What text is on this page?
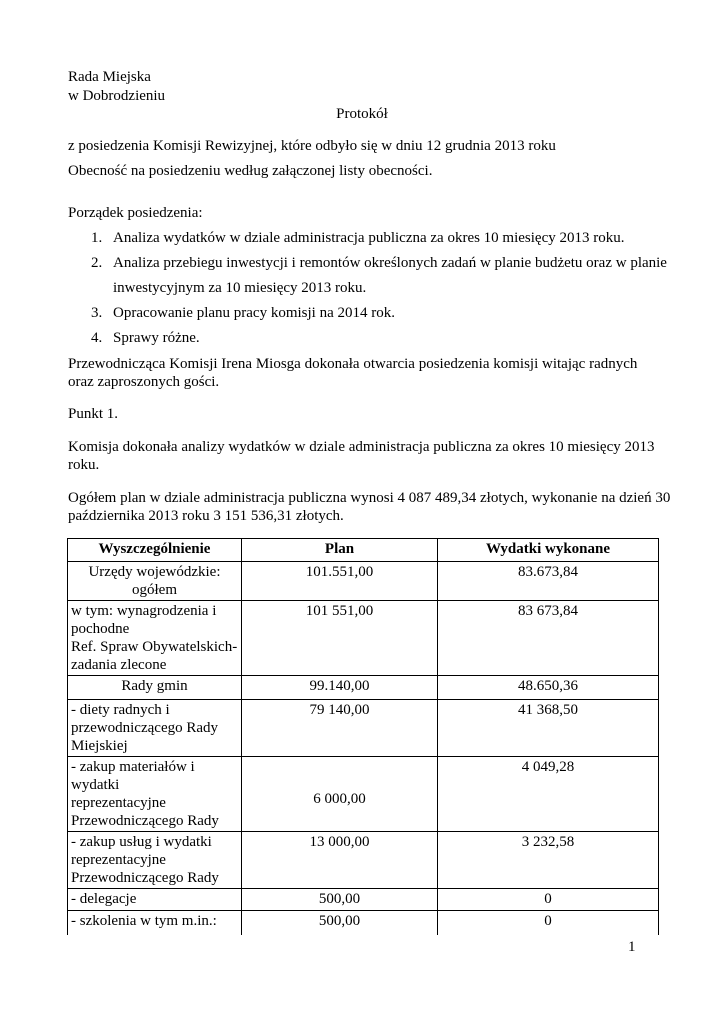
Rada Miejska
w Dobrodzieniu
Protokół
z posiedzenia Komisji Rewizyjnej, które odbyło się w dniu 12 grudnia 2013 roku
Obecność na posiedzeniu według załączonej listy obecności.
Porządek posiedzenia:
1. Analiza wydatków w dziale administracja publiczna za okres 10 miesięcy 2013 roku.
2. Analiza przebiegu inwestycji i remontów określonych zadań w planie budżetu oraz w planie
inwestycyjnym za 10 miesięcy 2013 roku.
3. Opracowanie planu pracy komisji na 2014 rok.
4. Sprawy różne.
Przewodnicząca Komisji Irena Miosga dokonała otwarcia posiedzenia komisji witając radnych
oraz zaproszonych gości.
Punkt 1.
Komisja dokonała analizy wydatków w dziale administracja publiczna za okres 10 miesięcy 2013
roku.
Ogółem plan w dziale administracja publiczna wynosi 4 087 489,34 złotych, wykonanie na dzień 30
października 2013 roku 3 151 536,31 złotych.
Wyszczególnienie	Plan	Wydatki wykonane
Urzędy wojewódzkie: ogółem	101.551,00	83.673,84
w tym: wynagrodzenia i
pochodne
Ref. Spraw Obywatelskich-
zadania zlecone	101 551,00	83 673,84
Rady gmin	99.140,00	48.650,36
- diety radnych i
przewodniczącego Rady
Miejskiej	79 140,00	41 368,50
- zakup materiałów i wydatki
reprezentacyjne
Przewodniczącego Rady	6 000,00	4 049,28
- zakup usług i wydatki
reprezentacyjne
Przewodniczącego Rady	13 000,00	3 232,58
- delegacje	500,00	0
- szkolenia w tym m.in.:	500,00	0
1
